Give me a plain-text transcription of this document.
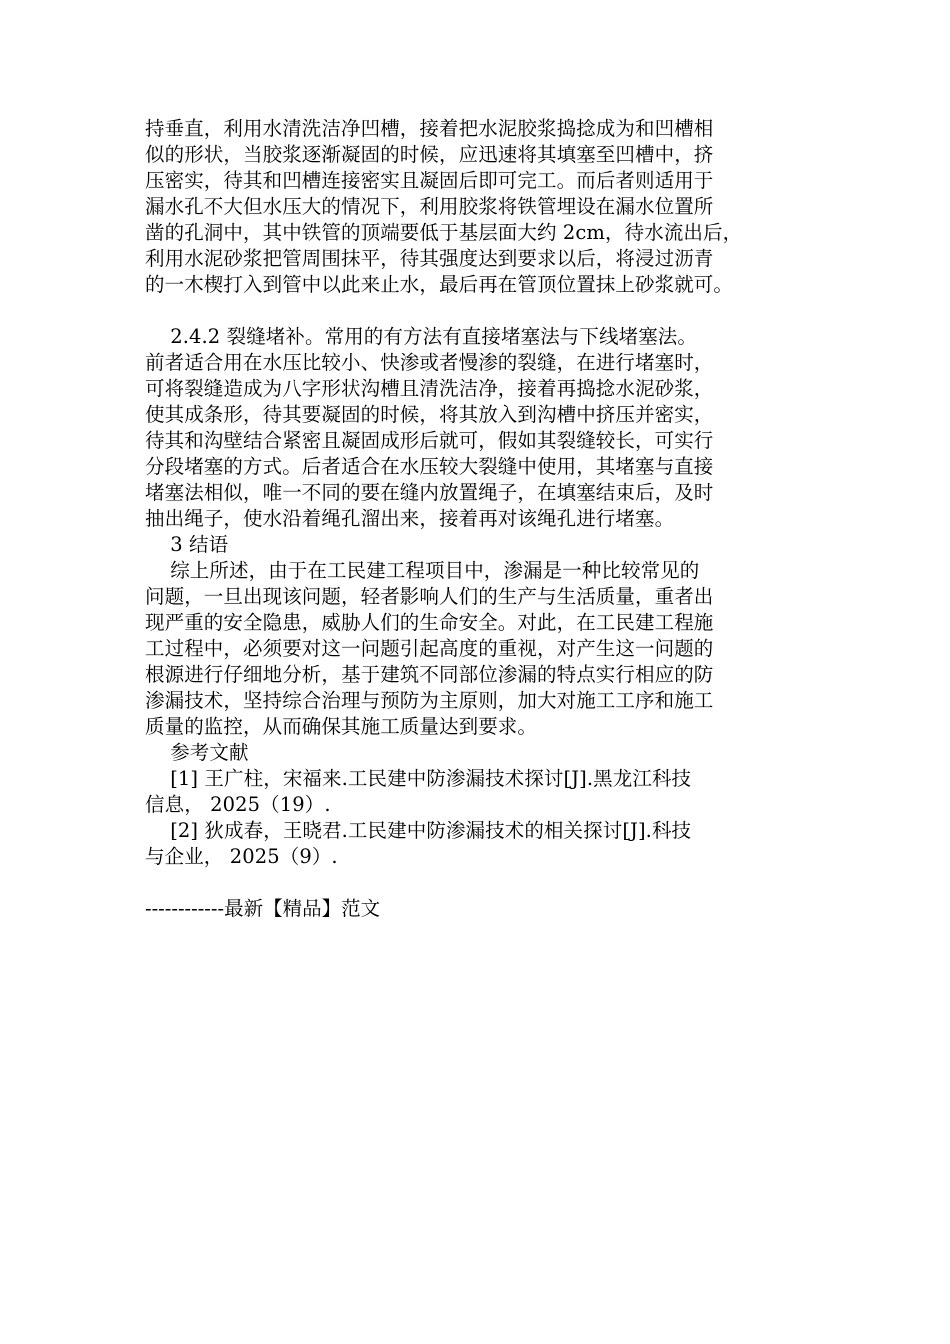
持垂直，利用水清洗洁净凹槽，接着把水泥胶浆捣捻成为和凹槽相
似的形状，当胶浆逐渐凝固的时候，应迅速将其填塞至凹槽中，挤
压密实，待其和凹槽连接密实且凝固后即可完工。而后者则适用于
漏水孔不大但水压大的情况下，利用胶浆将铁管埋设在漏水位置所
凿的孔洞中，其中铁管的顶端要低于基层面大约 2cm，待水流出后，
利用水泥砂浆把管周围抹平，待其强度达到要求以后，将浸过沥青
的一木楔打入到管中以此来止水，最后再在管顶位置抹上砂浆就可。
2.4.2 裂缝堵补。常用的有方法有直接堵塞法与下线堵塞法。
前者适合用在水压比较小、快渗或者慢渗的裂缝，在进行堵塞时，
可将裂缝造成为八字形状沟槽且清洗洁净，接着再捣捻水泥砂浆，
使其成条形，待其要凝固的时候，将其放入到沟槽中挤压并密实，
待其和沟壁结合紧密且凝固成形后就可，假如其裂缝较长，可实行
分段堵塞的方式。后者适合在水压较大裂缝中使用，其堵塞与直接
堵塞法相似，唯一不同的要在缝内放置绳子，在填塞结束后，及时
抽出绳子，使水沿着绳孔溜出来，接着再对该绳孔进行堵塞。
3 结语
综上所述，由于在工民建工程项目中，渗漏是一种比较常见的
问题，一旦出现该问题，轻者影响人们的生产与生活质量，重者出
现严重的安全隐患，威胁人们的生命安全。对此，在工民建工程施
工过程中，必须要对这一问题引起高度的重视，对产生这一问题的
根源进行仔细地分析，基于建筑不同部位渗漏的特点实行相应的防
渗漏技术，坚持综合治理与预防为主原则，加大对施工工序和施工
质量的监控，从而确保其施工质量达到要求。
参考文献
[1] 王广柱，宋福来.工民建中防渗漏技术探讨[J].黑龙江科技
信息， 2025（19）.
[2] 狄成春，王晓君.工民建中防渗漏技术的相关探讨[J].科技
与企业， 2025（9）.
------------最新【精品】范文
